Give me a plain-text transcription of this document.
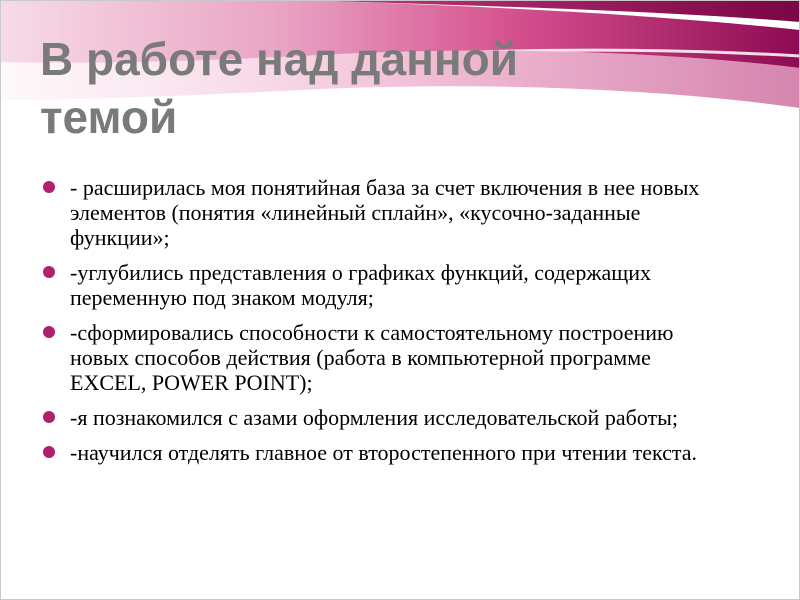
В работе над данной темой
- расширилась моя понятийная база за счет включения в нее новых элементов (понятия «линейный сплайн», «кусочно-заданные функции»;
-углубились представления о графиках функций, содержащих переменную под знаком модуля;
-сформировались способности к самостоятельному построению новых способов действия (работа в компьютерной программе EXCEL, POWER POINT);
-я познакомился с азами оформления исследовательской работы;
-научился отделять главное от второстепенного при чтении текста.
